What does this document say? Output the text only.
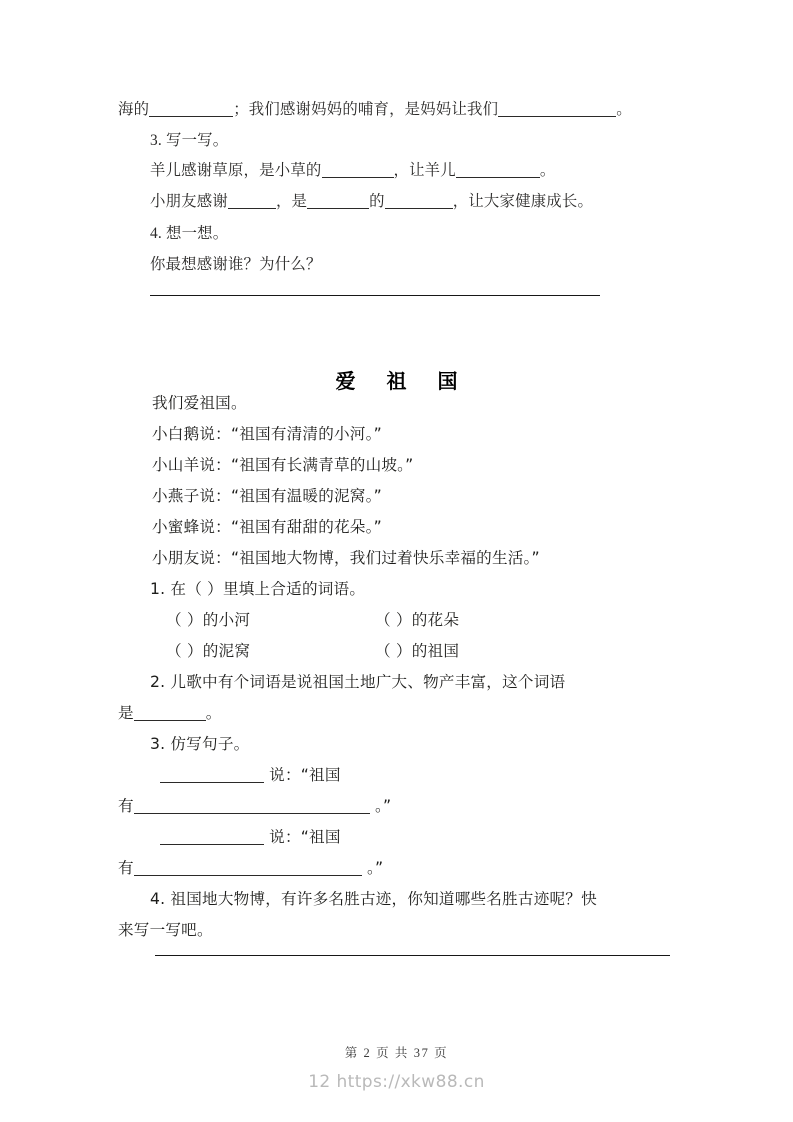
海的	；我们感谢妈妈的哺育，是妈妈让我们	。
3. 写一写。
羊儿感谢草原，是小草的	，让羊儿	。
小朋友感谢	，是	的	，让大家健康成长。
4. 想一想。
你最想感谢谁？为什么？
爱 祖 国
我们爱祖国。
小白鹅说：“祖国有清清的小河。”
小山羊说：“祖国有长满青草的山坡。”
小燕子说：“祖国有温暖的泥窝。”
小蜜蜂说：“祖国有甜甜的花朵。”
小朋友说：“祖国地大物博，我们过着快乐幸福的生活。”
1. 在（ ）里填上合适的词语。
（ ）的小河	（ ）的花朵
（ ）的泥窝	（ ）的祖国
2. 儿歌中有个词语是说祖国土地广大、物产丰富，这个词语
是	。
3. 仿写句子。
说：“祖国
有	。”
说：“祖国
有	。”
4. 祖国地大物博，有许多名胜古迹，你知道哪些名胜古迹呢？快
来写一写吧。
第 2 页 共 37 页
12 https://xkw88.cn
